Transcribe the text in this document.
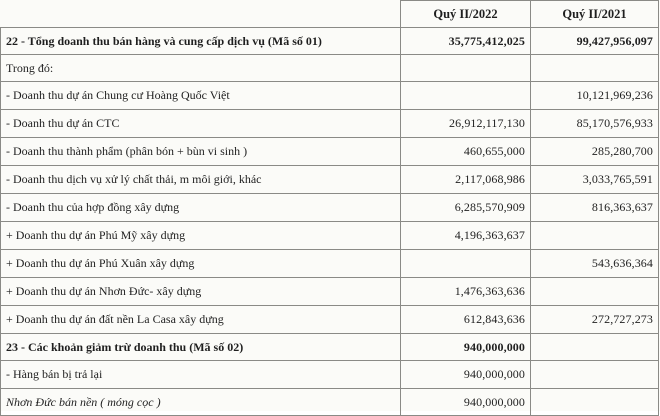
	Quý II/2022	Quý II/2021
22 - Tổng doanh thu bán hàng và cung cấp dịch vụ (Mã số 01)	35,775,412,025	99,427,956,097
Trong đó:		
- Doanh thu dự án Chung cư Hoàng Quốc Việt		10,121,969,236
- Doanh thu dự án CTC	26,912,117,130	85,170,576,933
- Doanh thu thành phẩm (phân bón + bùn vi sinh )	460,655,000	285,280,700
- Doanh thu dịch vụ xử lý chất thải, m môi giới, khác	2,117,068,986	3,033,765,591
- Doanh thu của hợp đồng xây dựng	6,285,570,909	816,363,637
+ Doanh thu dự án Phú Mỹ xây dựng	4,196,363,637	
+ Doanh thu dự án Phú Xuân xây dựng		543,636,364
+ Doanh thu dự án Nhơn Đức- xây dựng	1,476,363,636	
+ Doanh thu dự án đất nền La Casa xây dựng	612,843,636	272,727,273
23 - Các khoản giảm trừ doanh thu (Mã số 02)	940,000,000	
- Hàng bán bị trả lại	940,000,000	
Nhơn Đức bán nền ( móng cọc )	940,000,000	
